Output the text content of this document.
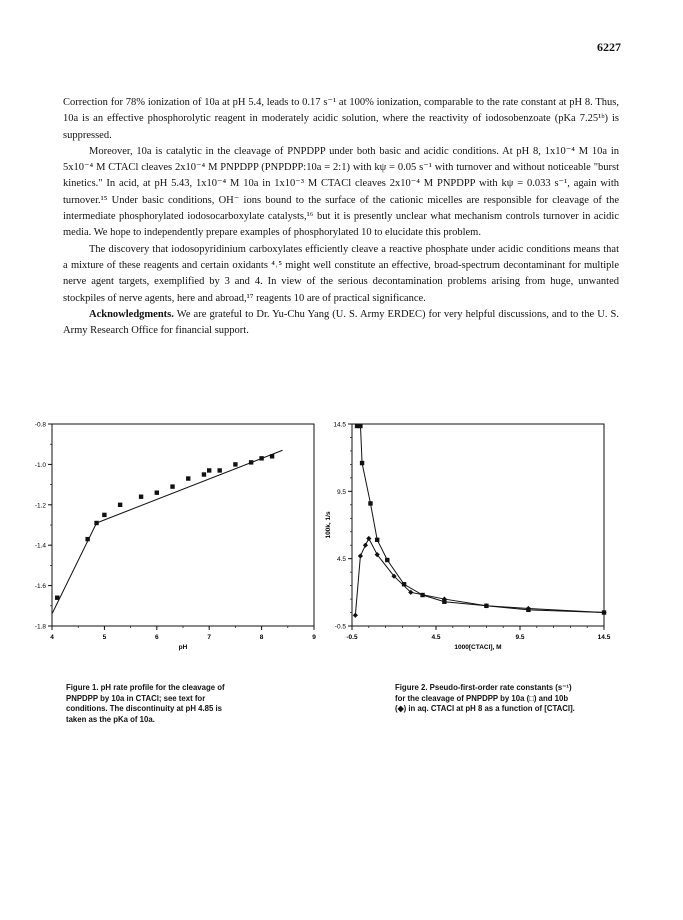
6227

Correction for 78% ionization of 10a at pH 5.4, leads to 0.17 s⁻¹ at 100% ionization, comparable to the rate constant at pH 8. Thus, 10a is an effective phosphorolytic reagent in moderately acidic solution, where the reactivity of iodosobenzoate (pKa 7.25¹ᵇ) is suppressed.

Moreover, 10a is catalytic in the cleavage of PNPDPP under both basic and acidic conditions. At pH 8, 1x10⁻⁴ M 10a in 5x10⁻⁴ M CTACl cleaves 2x10⁻⁴ M PNPDPP (PNPDPP:10a = 2:1) with kψ = 0.05 s⁻¹ with turnover and without noticeable "burst kinetics." In acid, at pH 5.43, 1x10⁻⁴ M 10a in 1x10⁻³ M CTACl cleaves 2x10⁻⁴ M PNPDPP with kψ = 0.033 s⁻¹, again with turnover.¹⁵ Under basic conditions, OH⁻ ions bound to the surface of the cationic micelles are responsible for cleavage of the intermediate phosphorylated iodosocarboxylate catalysts,¹⁶ but it is presently unclear what mechanism controls turnover in acidic media. We hope to independently prepare examples of phosphorylated 10 to elucidate this problem.

The discovery that iodosopyridinium carboxylates efficiently cleave a reactive phosphate under acidic conditions means that a mixture of these reagents and certain oxidants ⁴˒⁵ might well constitute an effective, broad-spectrum decontaminant for multiple nerve agent targets, exemplified by 3 and 4. In view of the serious decontamination problems arising from huge, unwanted stockpiles of nerve agents, here and abroad,¹⁷ reagents 10 are of practical significance.

Acknowledgments. We are grateful to Dr. Yu-Chu Yang (U. S. Army ERDEC) for very helpful discussions, and to the U. S. Army Research Office for financial support.

4	5	6	7	8	9
-0.8
-1.0
-1.2
-1.4
-1.6
-1.8
pH
-0.5	4.5	9.5	14.5
14.5
9.5
4.5
-0.5
1000[CTACl], M
100k, 1/s
Figure 1. pH rate profile for the cleavage of PNPDPP by 10a in CTACl; see text for conditions. The discontinuity at pH 4.85 is taken as the pKa of 10a.
Figure 2. Pseudo-first-order rate constants (s⁻¹) for the cleavage of PNPDPP by 10a (□) and 10b (◆) in aq. CTACl at pH 8 as a function of [CTACl].
